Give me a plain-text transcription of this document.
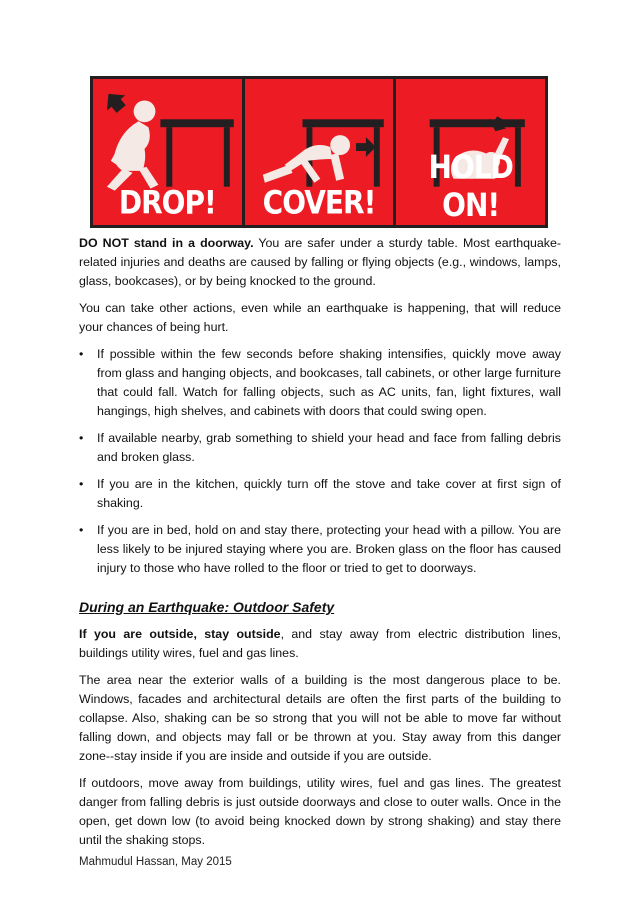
DROP!	COVER!
HOLD ON!

DO NOT stand in a doorway. You are safer under a sturdy table. Most earthquake-related injuries and deaths are caused by falling or flying objects (e.g., windows, lamps, glass, bookcases), or by being knocked to the ground.

You can take other actions, even while an earthquake is happening, that will reduce your chances of being hurt.

• If possible within the few seconds before shaking intensifies, quickly move away from glass and hanging objects, and bookcases, tall cabinets, or other large furniture that could fall. Watch for falling objects, such as AC units, fan, light fixtures, wall hangings, high shelves, and cabinets with doors that could swing open.
• If available nearby, grab something to shield your head and face from falling debris and broken glass.
• If you are in the kitchen, quickly turn off the stove and take cover at first sign of shaking.
• If you are in bed, hold on and stay there, protecting your head with a pillow. You are less likely to be injured staying where you are. Broken glass on the floor has caused injury to those who have rolled to the floor or tried to get to doorways.
During an Earthquake: Outdoor Safety

If you are outside, stay outside, and stay away from electric distribution lines, buildings utility wires, fuel and gas lines.

The area near the exterior walls of a building is the most dangerous place to be. Windows, facades and architectural details are often the first parts of the building to collapse. Also, shaking can be so strong that you will not be able to move far without falling down, and objects may fall or be thrown at you. Stay away from this danger zone--stay inside if you are inside and outside if you are outside.

If outdoors, move away from buildings, utility wires, fuel and gas lines. The greatest danger from falling debris is just outside doorways and close to outer walls. Once in the open, get down low (to avoid being knocked down by strong shaking) and stay there until the shaking stops.

Mahmudul Hassan, May 2015
